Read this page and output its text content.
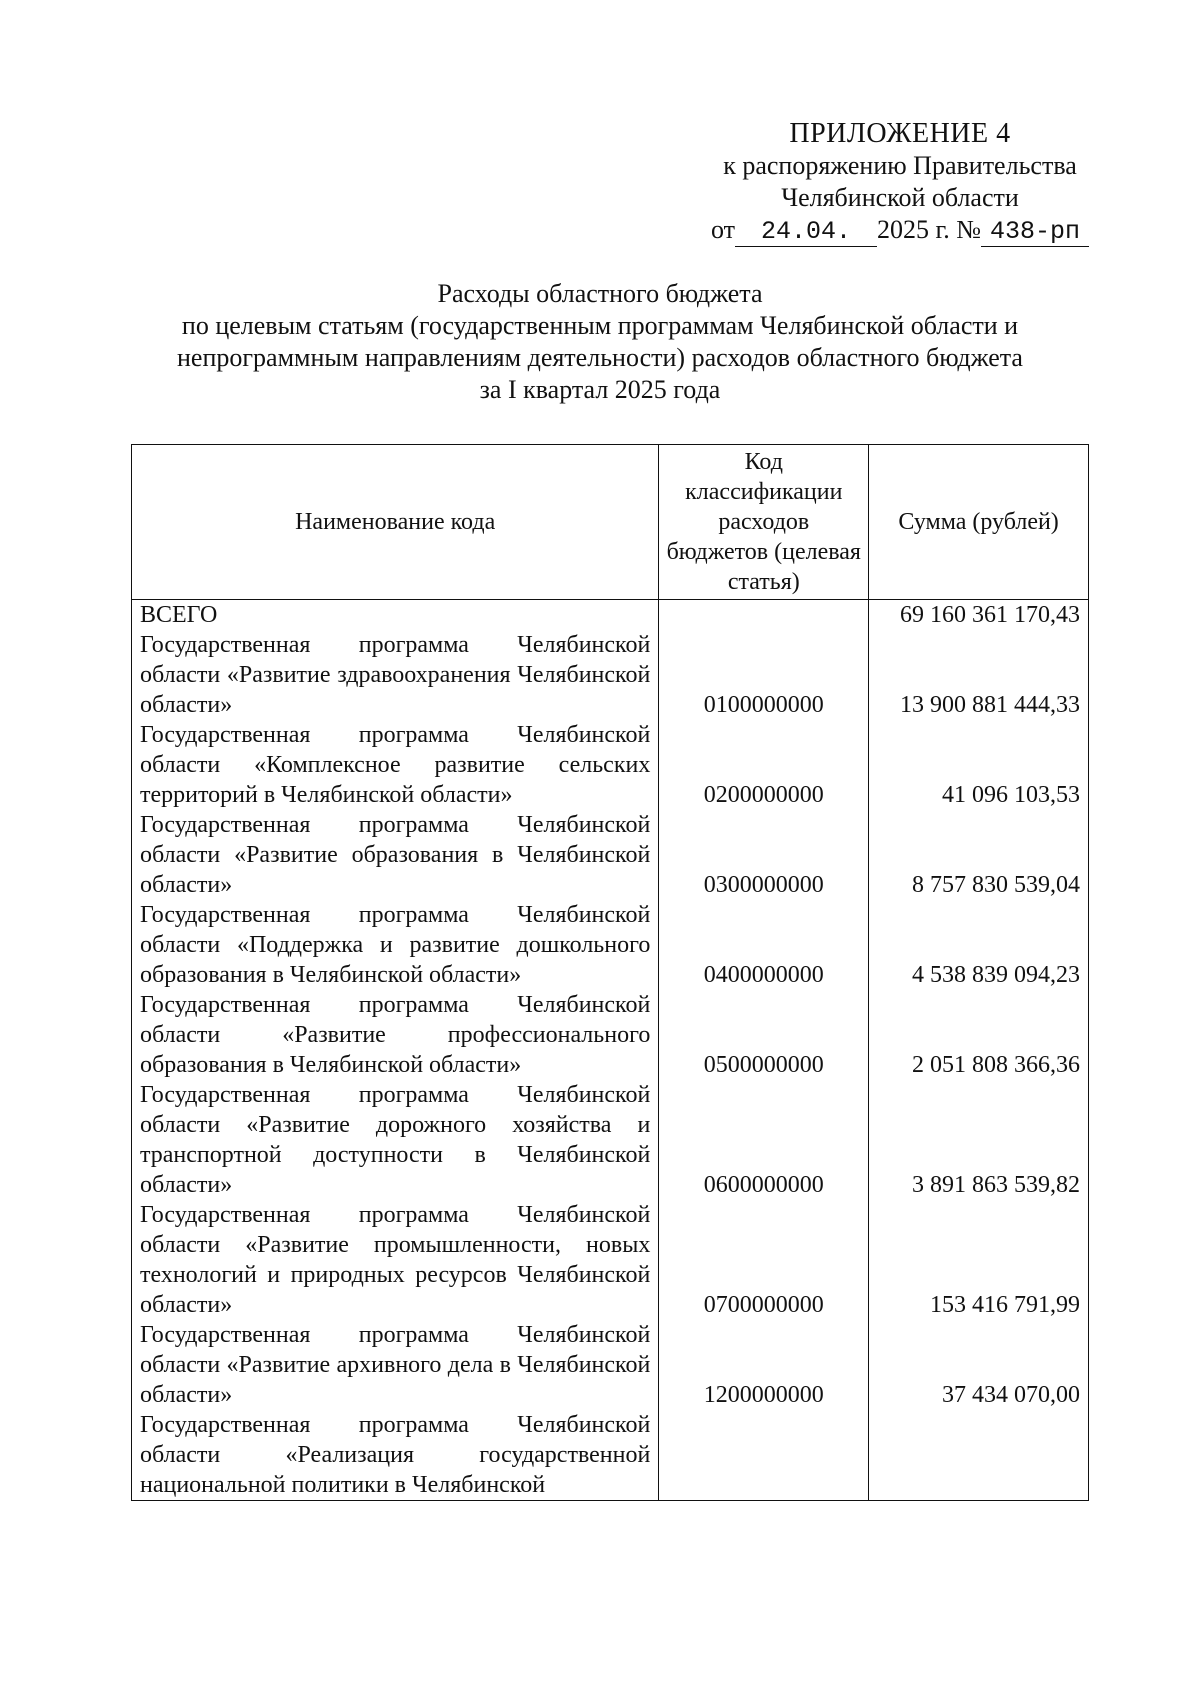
ПРИЛОЖЕНИЕ 4
к распоряжению Правительства
Челябинской области
от	24.04.	2025 г. № 438-рп
Расходы областного бюджета
по целевым статьям (государственным программам Челябинской области и
непрограммным направлениям деятельности) расходов областного бюджета
за I квартал 2025 года
Наименование кода	Код классификации расходов бюджетов (целевая статья)	Сумма (рублей)
ВСЕГО		69 160 361 170,43
Государственная программа Челябинской области «Развитие здравоохранения Челябинской области»	0100000000	13 900 881 444,33
Государственная программа Челябинской области «Комплексное развитие сельских территорий в Челябинской области»	0200000000	41 096 103,53
Государственная программа Челябинской области «Развитие образования в Челябинской области»	0300000000	8 757 830 539,04
Государственная программа Челябинской области «Поддержка и развитие дошкольного образования в Челябинской области»	0400000000	4 538 839 094,23
Государственная программа Челябинской области «Развитие профессионального образования в Челябинской области»	0500000000	2 051 808 366,36
Государственная программа Челябинской области «Развитие дорожного хозяйства и транспортной доступности в Челябинской области»	0600000000	3 891 863 539,82
Государственная программа Челябинской области «Развитие промышленности, новых технологий и природных ресурсов Челябинской области»	0700000000	153 416 791,99
Государственная программа Челябинской области «Развитие архивного дела в Челябинской области»	1200000000	37 434 070,00
Государственная программа Челябинской области «Реализация государственной национальной политики в Челябинской		
